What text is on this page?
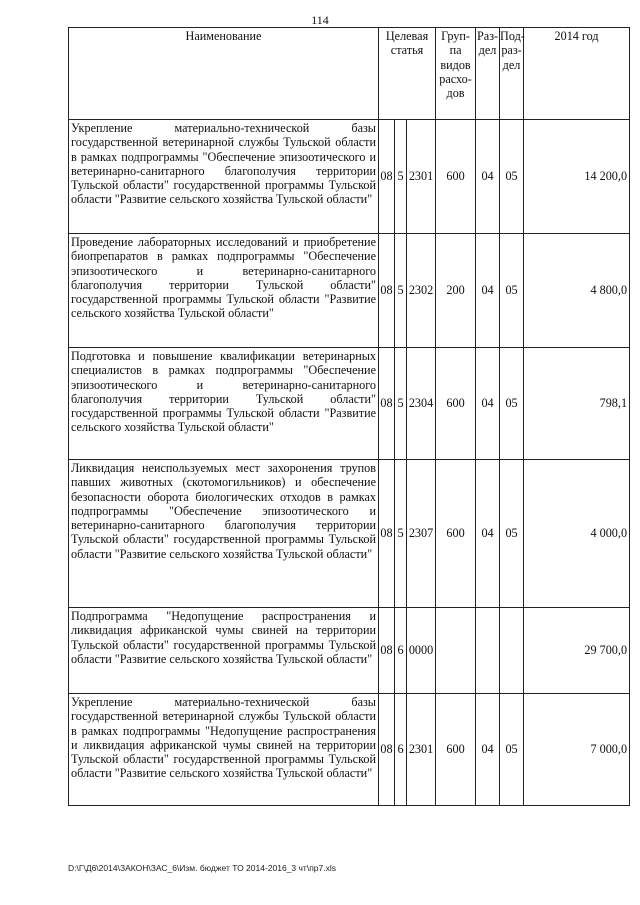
114
Наименование	Целевая статья			Груп-па видов расхо-дов	Раз-дел	Под-раз-дел	2014 год
Укрепление материально-технической базы государственной ветеринарной службы Тульской области в рамках подпрограммы "Обеспечение эпизоотического и ветеринарно-санитарного благополучия территории Тульской области" государственной программы Тульской области "Развитие сельского хозяйства Тульской области"	08	5	2301	600	04	05	14 200,0
Проведение лабораторных исследований и приобретение биопрепаратов в рамках подпрограммы "Обеспечение эпизоотического и ветеринарно-санитарного благополучия территории Тульской области" государственной программы Тульской области "Развитие сельского хозяйства Тульской области"	08	5	2302	200	04	05	4 800,0
Подготовка и повышение квалификации ветеринарных специалистов в рамках подпрограммы "Обеспечение эпизоотического и ветеринарно-санитарного благополучия территории Тульской области" государственной программы Тульской области "Развитие сельского хозяйства Тульской области"	08	5	2304	600	04	05	798,1
Ликвидация неиспользуемых мест захоронения трупов павших животных (скотомогильников) и обеспечение безопасности оборота биологических отходов в рамках подпрограммы "Обеспечение эпизоотического и ветеринарно-санитарного благополучия территории Тульской области" государственной программы Тульской области "Развитие сельского хозяйства Тульской области"	08	5	2307	600	04	05	4 000,0
Подпрограмма "Недопущение распространения и ликвидация африканской чумы свиней на территории Тульской области" государственной программы Тульской области "Развитие сельского хозяйства Тульской области"	08	6	0000				29 700,0
Укрепление материально-технической базы государственной ветеринарной службы Тульской области в рамках подпрограммы "Недопущение распространения и ликвидация африканской чумы свиней на территории Тульской области" государственной программы Тульской области "Развитие сельского хозяйства Тульской области"	08	6	2301	600	04	05	7 000,0
D:\Г\Д6\2014\ЗАКОН\ЗАС_6\Изм. бюджет ТО 2014-2016_3 чт\пр7.xls
